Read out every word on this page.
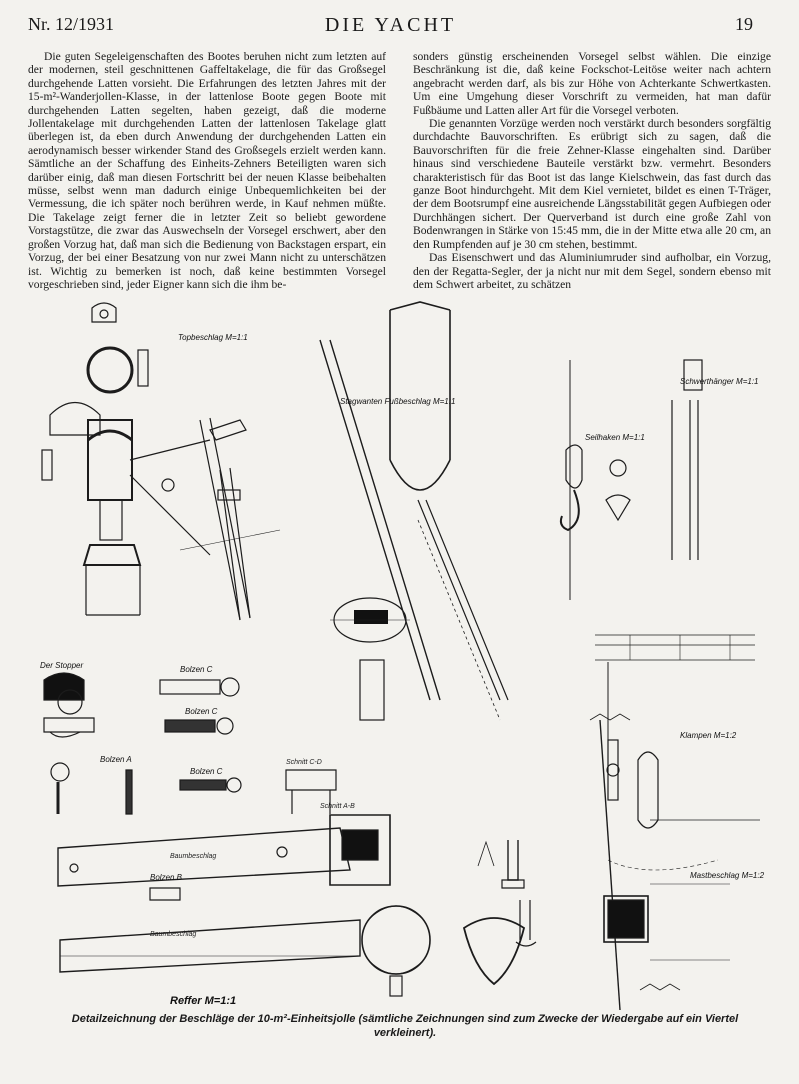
Nr. 12/1931	DIE YACHT	19

Die guten Segeleigenschaften des Bootes beruhen nicht zum letzten auf der modernen, steil geschnittenen Gaffeltakelage, die für das Großsegel durchgehende Latten vorsieht. Die Erfahrungen des letzten Jahres mit der 15-m²-Wanderjollen-Klasse, in der lattenlose Boote gegen Boote mit durchgehenden Latten segelten, haben gezeigt, daß die moderne Jollentakelage mit durchgehenden Latten der lattenlosen Takelage glatt überlegen ist, da eben durch Anwendung der durchgehenden Latten ein aerodynamisch besser wirkender Stand des Großsegels erzielt werden kann. Sämtliche an der Schaffung des Einheits-Zehners Beteiligten waren sich darüber einig, daß man diesen Fortschritt bei der neuen Klasse beibehalten müsse, selbst wenn man dadurch einige Unbequemlichkeiten bei der Vermessung, die ich später noch berühren werde, in Kauf nehmen müßte. Die Takelage zeigt ferner die in letzter Zeit so beliebt gewordene Vorstagstütze, die zwar das Auswechseln der Vorsegel erschwert, aber den großen Vorzug hat, daß man sich die Bedienung von Backstagen erspart, ein Vorzug, der bei einer Besatzung von nur zwei Mann nicht zu unterschätzen ist. Wichtig zu bemerken ist noch, daß keine bestimmten Vorsegel vorgeschrieben sind, jeder Eigner kann sich die ihm be-

sonders günstig erscheinenden Vorsegel selbst wählen. Die einzige Beschränkung ist die, daß keine Fockschot-Leitöse weiter nach achtern angebracht werden darf, als bis zur Höhe von Achterkante Schwertkasten. Um eine Umgehung dieser Vorschrift zu vermeiden, hat man dafür Fußbäume und Latten aller Art für die Vorsegel verboten.

Die genannten Vorzüge werden noch verstärkt durch besonders sorgfältig durchdachte Bauvorschriften. Es erübrigt sich zu sagen, daß die Bauvorschriften für die freie Zehner-Klasse eingehalten sind. Darüber hinaus sind verschiedene Bauteile verstärkt bzw. vermehrt. Besonders charakteristisch für das Boot ist das lange Kielschwein, das fast durch das ganze Boot hindurchgeht. Mit dem Kiel vernietet, bildet es einen T-Träger, der dem Bootsrumpf eine ausreichende Längsstabilität gegen Aufbiegen oder Durchhängen sichert. Der Querverband ist durch eine große Zahl von Bodenwrangen in Stärke von 15:45 mm, die in der Mitte etwa alle 20 cm, an den Rumpfenden auf je 30 cm stehen, bestimmt.

Das Eisenschwert und das Aluminiumruder sind aufholbar, ein Vorzug, den der Regatta-Segler, der ja nicht nur mit dem Segel, sondern ebenso mit dem Schwert arbeitet, zu schätzen

Topbeschlag M=1:1
Stagwanten Fußbeschlag M=1:1
Schwerthänger M=1:1
Seilhaken M=1:1
Der Stopper	Bolzen C
Bolzen C
Bolzen C
Bolzen A
Baumbeschlag
Schnitt A-B
Schnitt C-D
Bolzen B
Baumbeschlag
Reffer M=1:1
Klampen M=1:2
Mastbeschlag M=1:2
Detailzeichnung der Beschläge der 10-m²-Einheitsjolle (sämtliche Zeichnungen sind zum Zwecke der Wiedergabe auf ein Viertel verkleinert).
